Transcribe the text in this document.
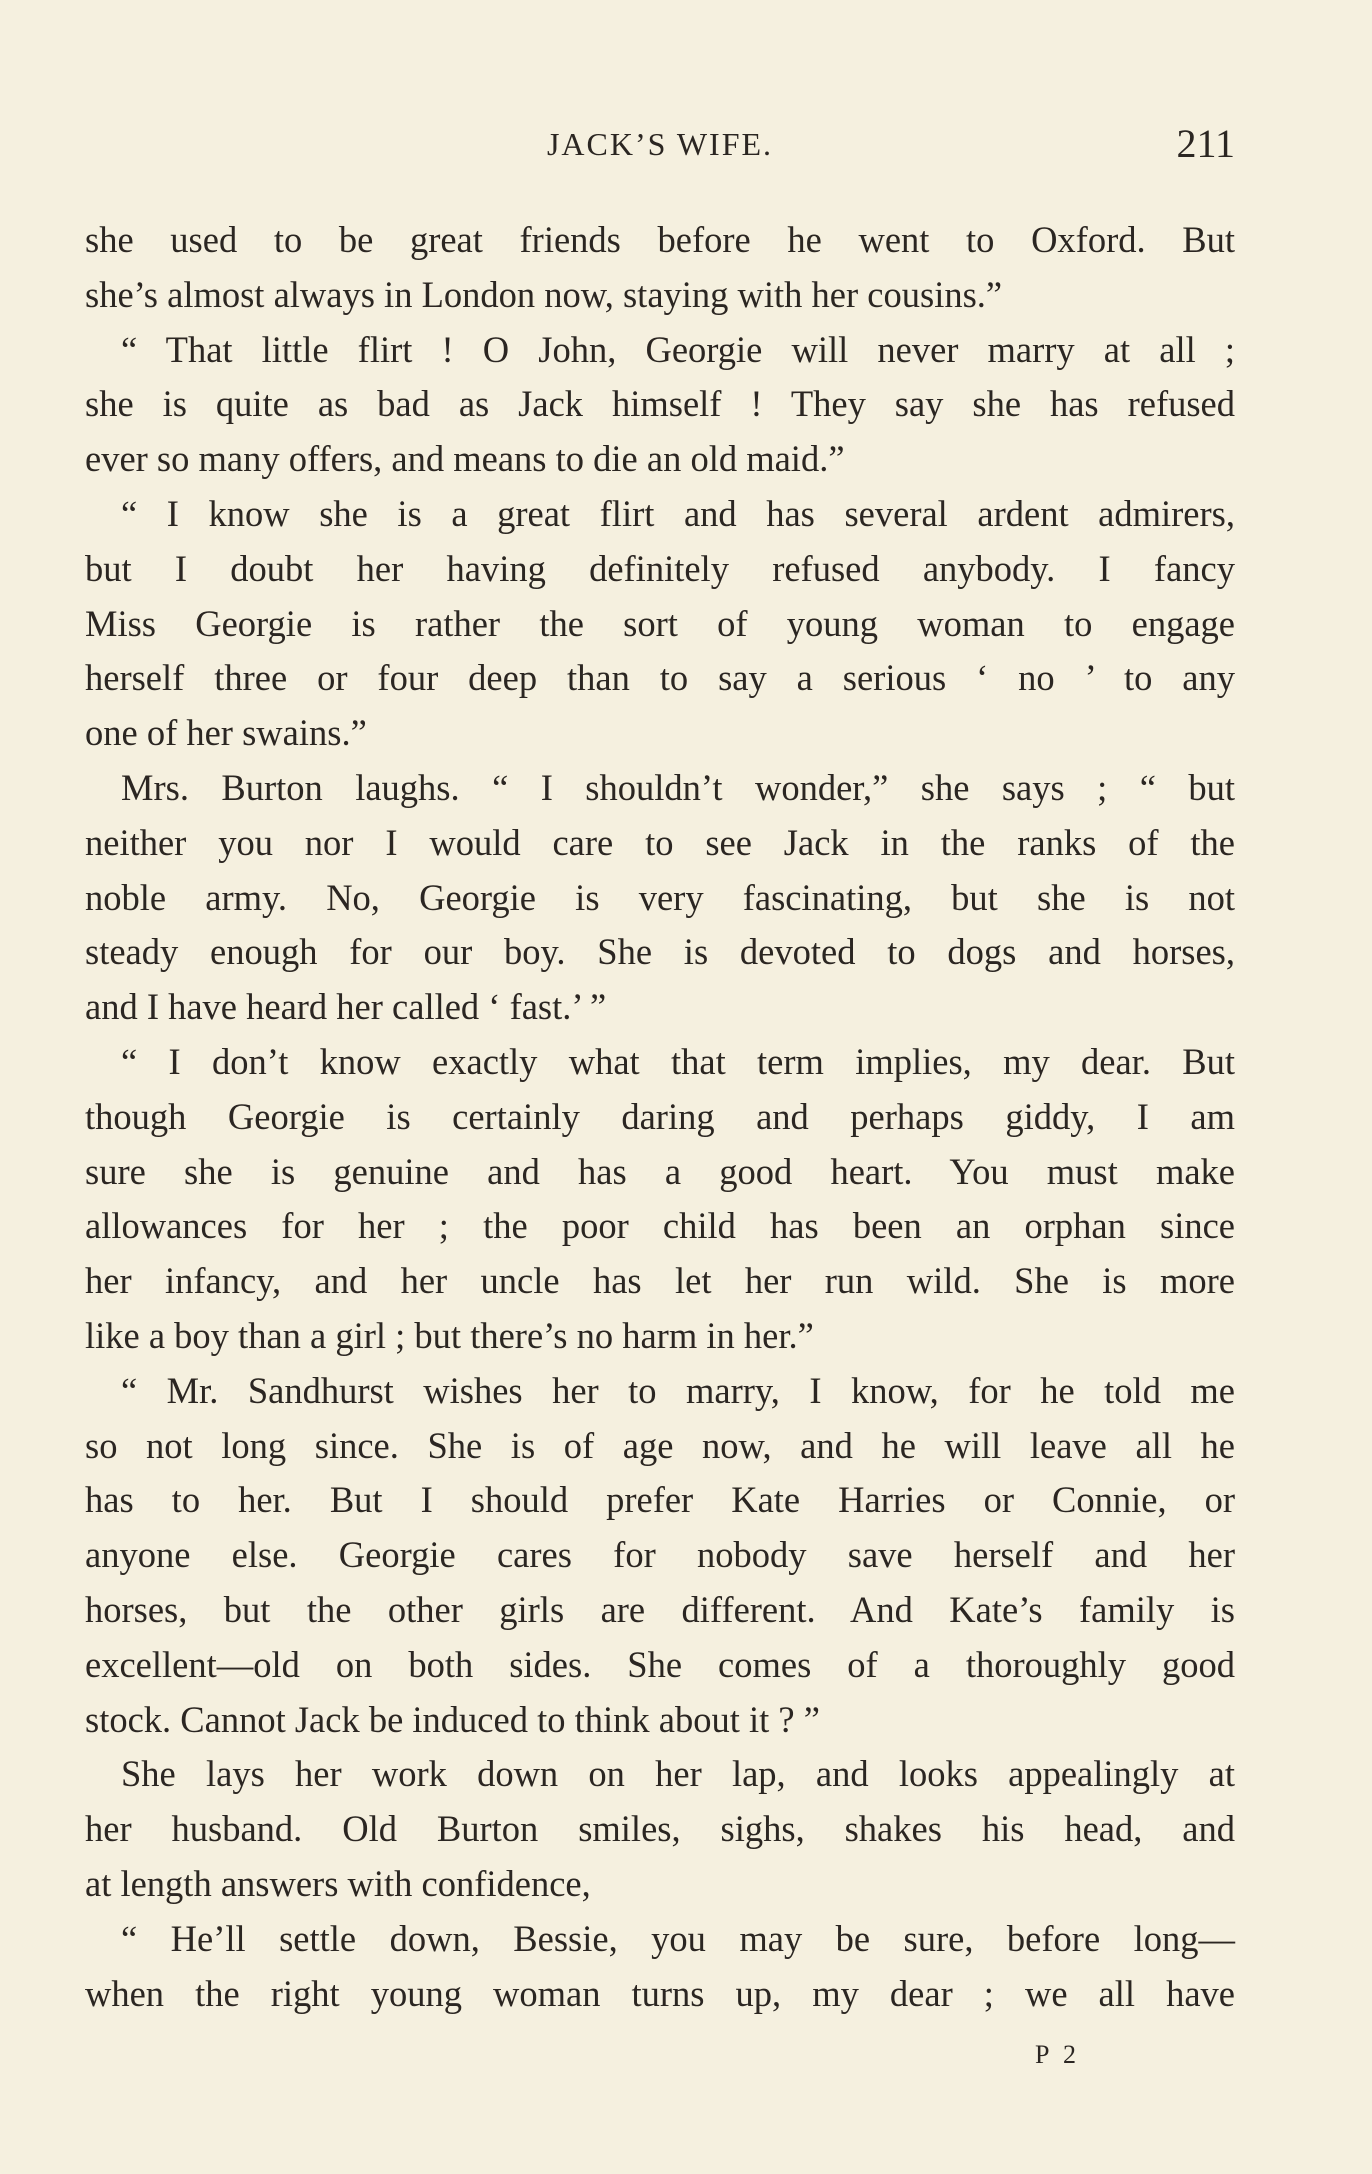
JACK’S WIFE.	211
she used to be great friends before he went to Oxford. But
she’s almost always in London now, staying with her cousins.”
“ That little flirt ! O John, Georgie will never marry at all ;
she is quite as bad as Jack himself ! They say she has refused
ever so many offers, and means to die an old maid.”
“ I know she is a great flirt and has several ardent admirers,
but I doubt her having definitely refused anybody. I fancy
Miss Georgie is rather the sort of young woman to engage
herself three or four deep than to say a serious ‘ no ’ to any
one of her swains.”
Mrs. Burton laughs. “ I shouldn’t wonder,” she says ; “ but
neither you nor I would care to see Jack in the ranks of the
noble army. No, Georgie is very fascinating, but she is not
steady enough for our boy. She is devoted to dogs and horses,
and I have heard her called ‘ fast.’ ”
“ I don’t know exactly what that term implies, my dear. But
though Georgie is certainly daring and perhaps giddy, I am
sure she is genuine and has a good heart. You must make
allowances for her ; the poor child has been an orphan since
her infancy, and her uncle has let her run wild. She is more
like a boy than a girl ; but there’s no harm in her.”
“ Mr. Sandhurst wishes her to marry, I know, for he told me
so not long since. She is of age now, and he will leave all he
has to her. But I should prefer Kate Harries or Connie, or
anyone else. Georgie cares for nobody save herself and her
horses, but the other girls are different. And Kate’s family is
excellent—old on both sides. She comes of a thoroughly good
stock. Cannot Jack be induced to think about it ? ”
She lays her work down on her lap, and looks appealingly at
her husband. Old Burton smiles, sighs, shakes his head, and
at length answers with confidence,
“ He’ll settle down, Bessie, you may be sure, before long—
when the right young woman turns up, my dear ; we all have
P 2
